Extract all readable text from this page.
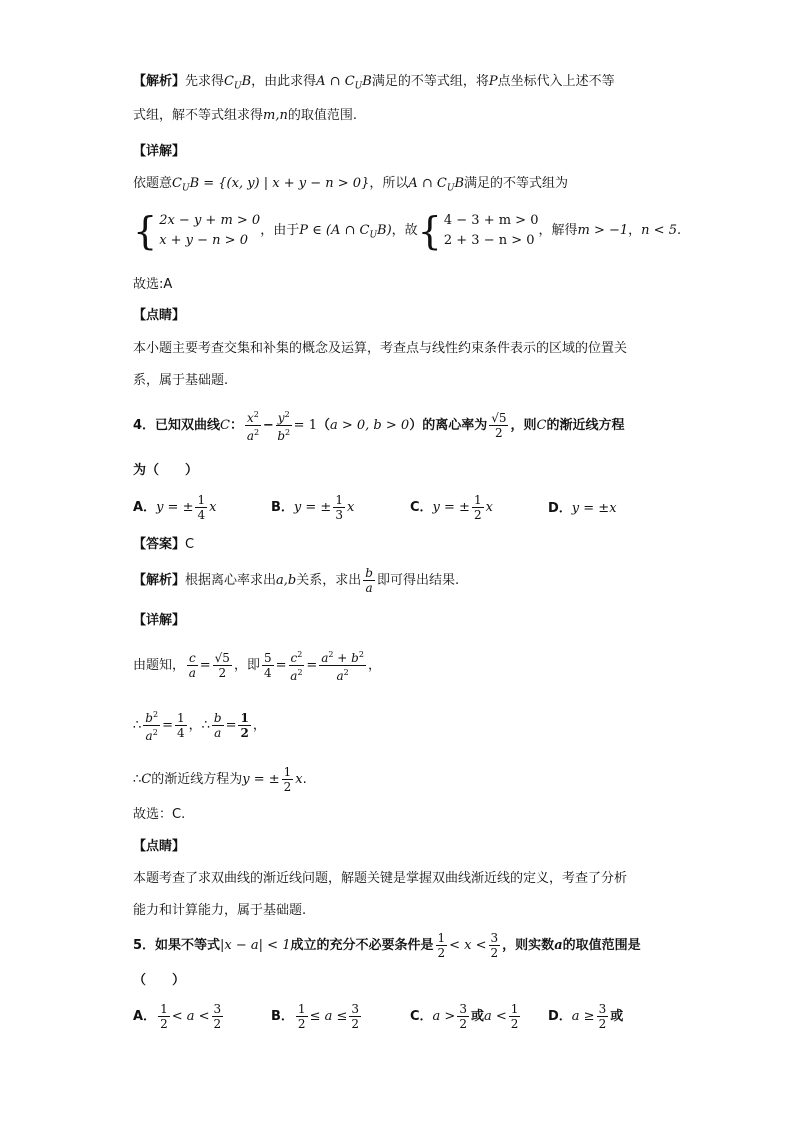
【解析】先求得$C_UB$，由此求得A ∩ $C_UB$满足的不等式组，将P点坐标代入上述不等
式组，解不等式组求得m,n的取值范围.
【详解】
依题意$C_UB = \{(x$, y) | x + y − n > 0}，所以A ∩ $C_UB$满足的不等式组为
{ 2x − y + m > 0
x + y − n > 0
，由于P ∈ (A ∩ $C_UB$)，故{ 4 − 3 + m > 0
2 + 3 − n > 0
，解得m > −1，n < 5.
故选:A
【点睛】
本小题主要考查交集和补集的概念及运算，考查点与线性约束条件表示的区域的位置关
系，属于基础题.
4．已知双曲线C： $\frac{x^2}{a^2} - \frac{y^2}{b^2} = 1(a > 0$, b > 0）的离心率为 $\frac{√5}{2}$ ，则C的渐近线方程
为（　　）
A．y = ± $\frac{1}{4}$ x	B．y = ± $\frac{1}{3}$ x	C．y = ± $\frac{1}{2}$ x	D．y = ±x
【答案】C
【解析】根据离心率求出a,b关系，求出 $\frac{b}{a}$ 即可得出结果.
【详解】
由题知， $\frac{c}{a} = \frac{√5}{2}$ ，即 $\frac{5}{4} = \frac{c^2}{a^2} = \frac{a^2 + b^2}{a^2}$ ，
∴ $\frac{b^2}{a^2} = \frac{1}{4}$ ，∴ $\frac{b}{a} = \frac{1}{2}$ ，
∴C的渐近线方程为y = ± $\frac{1}{2} x$.
故选：C.
【点睛】
本题考查了求双曲线的渐近线问题，解题关键是掌握双曲线渐近线的定义，考查了分析
能力和计算能力，属于基础题.
5．如果不等式|x − a| < 1成立的充分不必要条件是 $\frac{1}{2} < x < \frac{3}{2}$ ，则实数a的取值范围是
（　　）
A． $\frac{1}{2} < a < \frac{3}{2}$	B． $\frac{1}{2} \le a \le \frac{3}{2}$	C．$a > \frac{3}{2}$ 或$a < \frac{1}{2}$ D．$a \ge \frac{3}{2}$ 或
